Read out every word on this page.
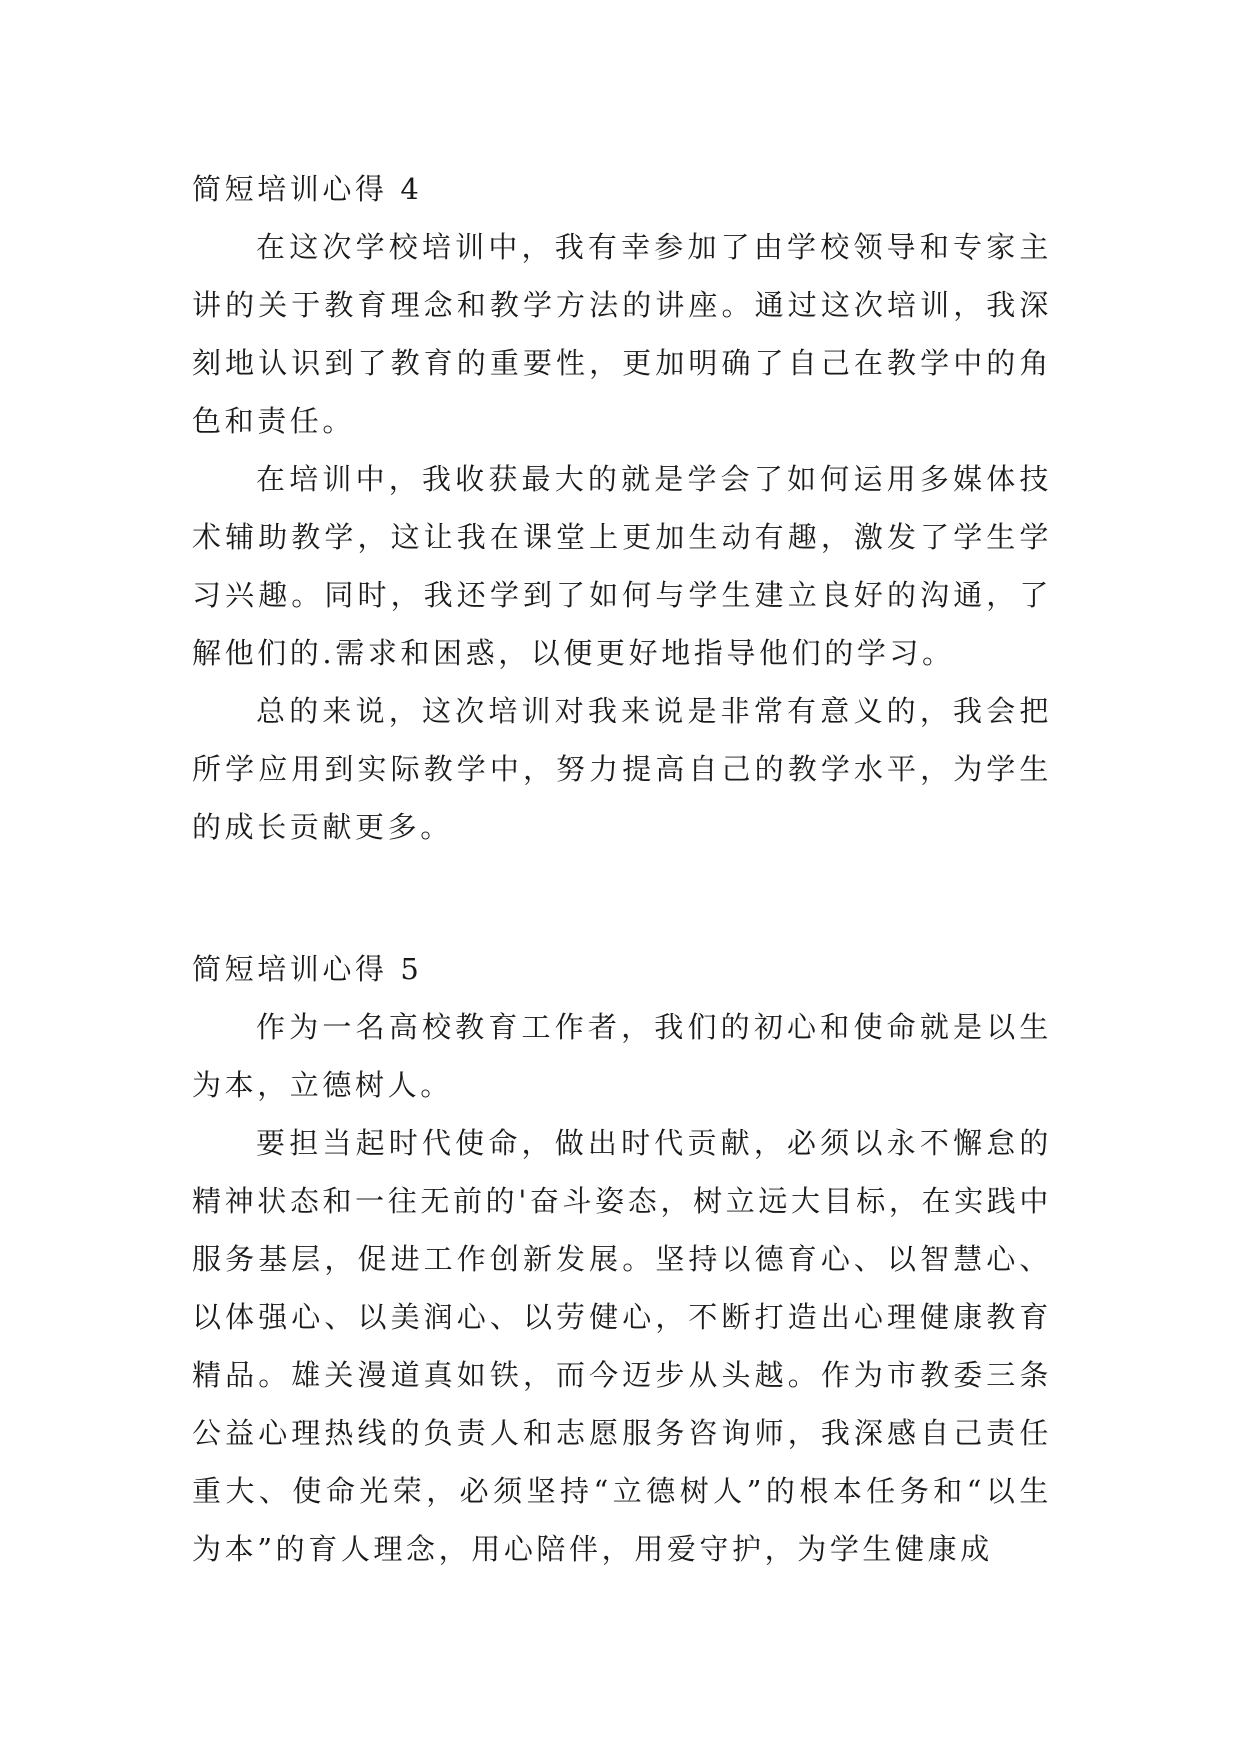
简短培训心得 4

在这次学校培训中，我有幸参加了由学校领导和专家主讲的关于教育理念和教学方法的讲座。通过这次培训，我深刻地认识到了教育的重要性，更加明确了自己在教学中的角色和责任。

在培训中，我收获最大的就是学会了如何运用多媒体技术辅助教学，这让我在课堂上更加生动有趣，激发了学生学习兴趣。同时，我还学到了如何与学生建立良好的沟通，了解他们的.需求和困惑，以便更好地指导他们的学习。

总的来说，这次培训对我来说是非常有意义的，我会把所学应用到实际教学中，努力提高自己的教学水平，为学生的成长贡献更多。

简短培训心得 5

作为一名高校教育工作者，我们的初心和使命就是以生为本，立德树人。

要担当起时代使命，做出时代贡献，必须以永不懈怠的精神状态和一往无前的'奋斗姿态，树立远大目标，在实践中服务基层，促进工作创新发展。坚持以德育心、以智慧心、以体强心、以美润心、以劳健心，不断打造出心理健康教育精品。雄关漫道真如铁，而今迈步从头越。作为市教委三条公益心理热线的负责人和志愿服务咨询师，我深感自己责任重大、使命光荣，必须坚持“立德树人”的根本任务和“以生为本”的育人理念，用心陪伴，用爱守护，为学生健康成
